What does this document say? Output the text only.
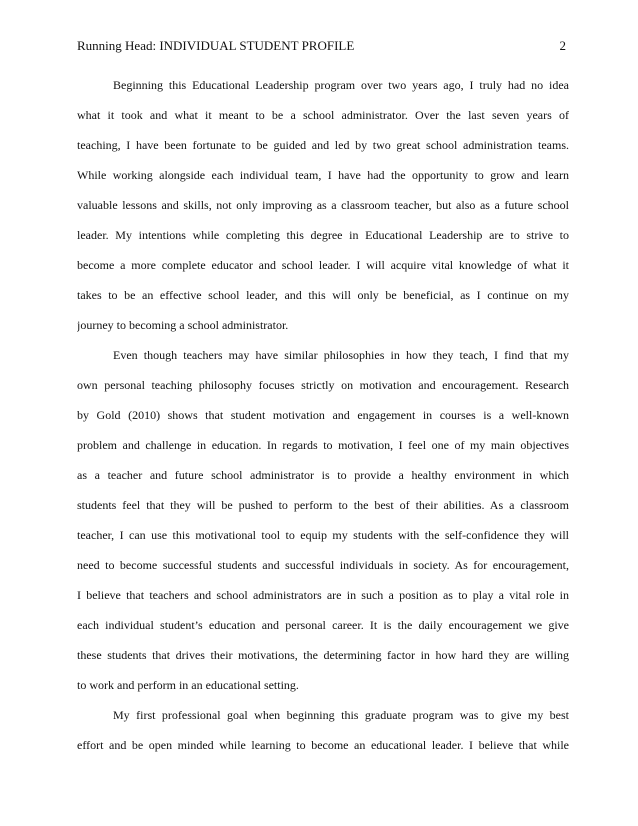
Running Head: INDIVIDUAL STUDENT PROFILE	2
Beginning this Educational Leadership program over two years ago, I truly had no idea
what it took and what it meant to be a school administrator. Over the last seven years of
teaching, I have been fortunate to be guided and led by two great school administration teams.
While working alongside each individual team, I have had the opportunity to grow and learn
valuable lessons and skills, not only improving as a classroom teacher, but also as a future school
leader. My intentions while completing this degree in Educational Leadership are to strive to
become a more complete educator and school leader. I will acquire vital knowledge of what it
takes to be an effective school leader, and this will only be beneficial, as I continue on my
journey to becoming a school administrator.
Even though teachers may have similar philosophies in how they teach, I find that my
own personal teaching philosophy focuses strictly on motivation and encouragement. Research
by Gold (2010) shows that student motivation and engagement in courses is a well-known
problem and challenge in education. In regards to motivation, I feel one of my main objectives
as a teacher and future school administrator is to provide a healthy environment in which
students feel that they will be pushed to perform to the best of their abilities. As a classroom
teacher, I can use this motivational tool to equip my students with the self-confidence they will
need to become successful students and successful individuals in society. As for encouragement,
I believe that teachers and school administrators are in such a position as to play a vital role in
each individual student’s education and personal career. It is the daily encouragement we give
these students that drives their motivations, the determining factor in how hard they are willing
to work and perform in an educational setting.
My first professional goal when beginning this graduate program was to give my best
effort and be open minded while learning to become an educational leader. I believe that while
